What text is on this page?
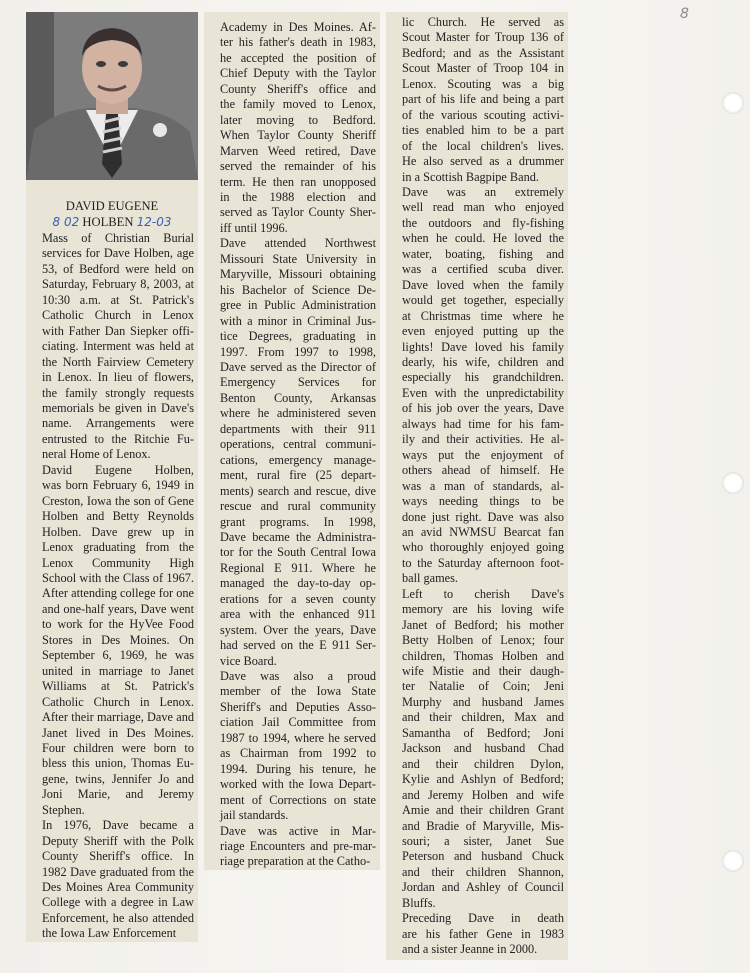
8
DAVID EUGENE
8 02 HOLBEN 12-03

Mass of Christian Burial
services for Dave Holben, age
53, of Bedford were held on
Saturday, February 8, 2003, at
10:30 a.m. at St. Patrick's
Catholic Church in Lenox
with Father Dan Siepker offi-
ciating. Interment was held at
the North Fairview Cemetery
in Lenox. In lieu of flowers,
the family strongly requests
memorials be given in Dave's
name. Arrangements were
entrusted to the Ritchie Fu-
neral Home of Lenox.

David Eugene Holben,
was born February 6, 1949 in
Creston, Iowa the son of Gene
Holben and Betty Reynolds
Holben. Dave grew up in
Lenox graduating from the
Lenox Community High
School with the Class of 1967.
After attending college for one
and one-half years, Dave went
to work for the HyVee Food
Stores in Des Moines. On
September 6, 1969, he was
united in marriage to Janet
Williams at St. Patrick's
Catholic Church in Lenox.
After their marriage, Dave and
Janet lived in Des Moines.
Four children were born to
bless this union, Thomas Eu-
gene, twins, Jennifer Jo and
Joni Marie, and Jeremy
Stephen.

In 1976, Dave became a
Deputy Sheriff with the Polk
County Sheriff's office. In
1982 Dave graduated from the
Des Moines Area Community
College with a degree in Law
Enforcement, he also attended
the Iowa Law Enforcement

Academy in Des Moines. Af-
ter his father's death in 1983,
he accepted the position of
Chief Deputy with the Taylor
County Sheriff's office and
the family moved to Lenox,
later moving to Bedford.
When Taylor County Sheriff
Marven Weed retired, Dave
served the remainder of his
term. He then ran unopposed
in the 1988 election and
served as Taylor County Sher-
iff until 1996.

Dave attended Northwest
Missouri State University in
Maryville, Missouri obtaining
his Bachelor of Science De-
gree in Public Administration
with a minor in Criminal Jus-
tice Degrees, graduating in
1997. From 1997 to 1998,
Dave served as the Director of
Emergency Services for
Benton County, Arkansas
where he administered seven
departments with their 911
operations, central communi-
cations, emergency manage-
ment, rural fire (25 depart-
ments) search and rescue, dive
rescue and rural community
grant programs. In 1998,
Dave became the Administra-
tor for the South Central Iowa
Regional E 911. Where he
managed the day-to-day op-
erations for a seven county
area with the enhanced 911
system. Over the years, Dave
had served on the E 911 Ser-
vice Board.

Dave was also a proud
member of the Iowa State
Sheriff's and Deputies Asso-
ciation Jail Committee from
1987 to 1994, where he served
as Chairman from 1992 to
1994. During his tenure, he
worked with the Iowa Depart-
ment of Corrections on state
jail standards.

Dave was active in Mar-
riage Encounters and pre-mar-
riage preparation at the Catho-

lic Church. He served as
Scout Master for Troup 136 of
Bedford; and as the Assistant
Scout Master of Troop 104 in
Lenox. Scouting was a big
part of his life and being a part
of the various scouting activi-
ties enabled him to be a part
of the local children's lives.
He also served as a drummer
in a Scottish Bagpipe Band.

Dave was an extremely
well read man who enjoyed
the outdoors and fly-fishing
when he could. He loved the
water, boating, fishing and
was a certified scuba diver.
Dave loved when the family
would get together, especially
at Christmas time where he
even enjoyed putting up the
lights! Dave loved his family
dearly, his wife, children and
especially his grandchildren.
Even with the unpredictability
of his job over the years, Dave
always had time for his fam-
ily and their activities. He al-
ways put the enjoyment of
others ahead of himself. He
was a man of standards, al-
ways needing things to be
done just right. Dave was also
an avid NWMSU Bearcat fan
who thoroughly enjoyed going
to the Saturday afternoon foot-
ball games.

Left to cherish Dave's
memory are his loving wife
Janet of Bedford; his mother
Betty Holben of Lenox; four
children, Thomas Holben and
wife Mistie and their daugh-
ter Natalie of Coin; Jeni
Murphy and husband James
and their children, Max and
Samantha of Bedford; Joni
Jackson and husband Chad
and their children Dylon,
Kylie and Ashlyn of Bedford;
and Jeremy Holben and wife
Amie and their children Grant
and Bradie of Maryville, Mis-
souri; a sister, Janet Sue
Peterson and husband Chuck
and their children Shannon,
Jordan and Ashley of Council
Bluffs.

Preceding Dave in death
are his father Gene in 1983
and a sister Jeanne in 2000.
